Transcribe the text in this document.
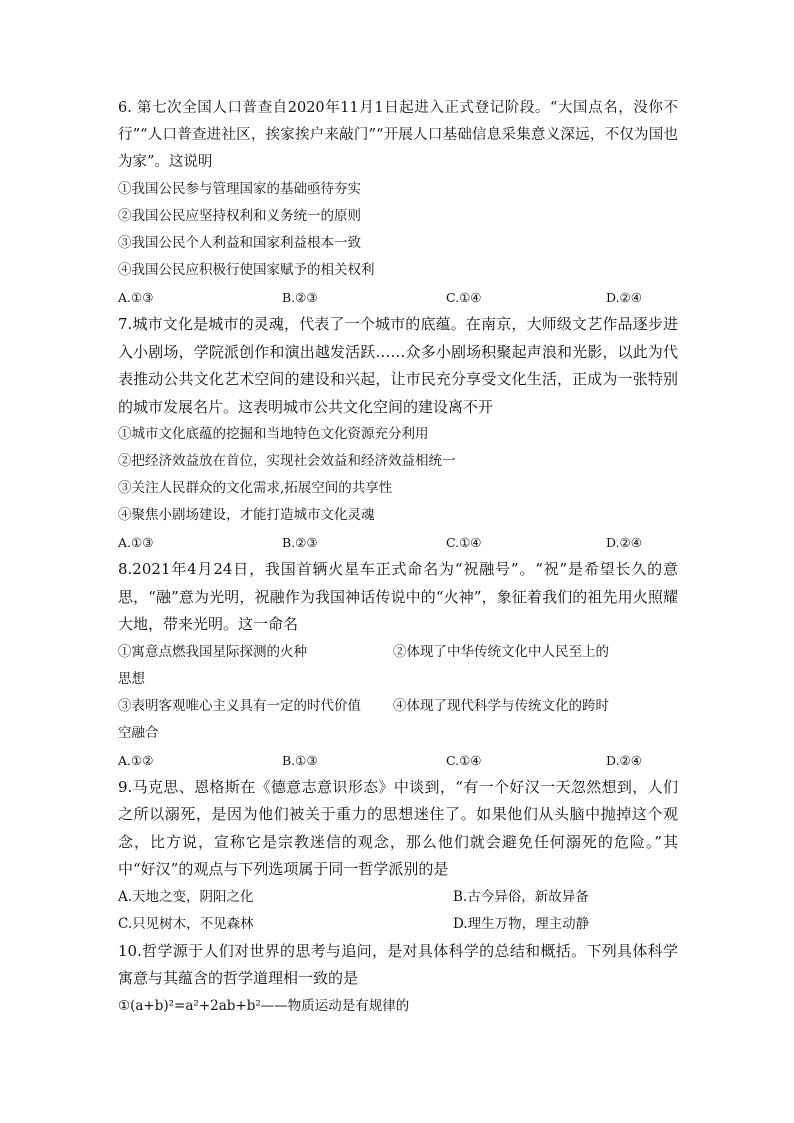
6. 第七次全国人口普查自2020年11月1日起进入正式登记阶段。“大国点名，没你不行”“人口普查进社区，挨家挨户来敲门”“开展人口基础信息采集意义深远，不仅为国也为家”。这说明

①我国公民参与管理国家的基础亟待夯实

②我国公民应坚持权利和义务统一的原则

③我国公民个人利益和国家利益根本一致

④我国公民应积极行使国家赋予的相关权利

A.①③	B.②③	C.①④	D.②④

7.城市文化是城市的灵魂，代表了一个城市的底蕴。在南京，大师级文艺作品逐步进入小剧场，学院派创作和演出越发活跃……众多小剧场积聚起声浪和光影，以此为代表推动公共文化艺术空间的建设和兴起，让市民充分享受文化生活，正成为一张特别的城市发展名片。这表明城市公共文化空间的建设离不开

①城市文化底蕴的挖掘和当地特色文化资源充分利用

②把经济效益放在首位，实现社会效益和经济效益相统一

③关注人民群众的文化需求,拓展空间的共享性

④聚焦小剧场建设，才能打造城市文化灵魂

A.①③	B.②③	C.①④	D.②④

8.2021年4月24日，我国首辆火星车正式命名为“祝融号”。“祝”是希望长久的意思，“融”意为光明，祝融作为我国神话传说中的“火神”，象征着我们的祖先用火照耀大地，带来光明。这一命名

①寓意点燃我国星际探测的火种	②体现了中华传统文化中人民至上的

思想

③表明客观唯心主义具有一定的时代价值	④体现了现代科学与传统文化的跨时

空融合

A.①②	B.①③	C.①④	D.②④

9.马克思、恩格斯在《德意志意识形态》中谈到，“有一个好汉一天忽然想到，人们之所以溺死，是因为他们被关于重力的思想迷住了。如果他们从头脑中抛掉这个观念，比方说，宣称它是宗教迷信的观念，那么他们就会避免任何溺死的危险。”其中“好汉”的观点与下列选项属于同一哲学派别的是

A.天地之变，阴阳之化	B.古今异俗，新故异备
C.只见树木，不见森林	D.理生万物，理主动静

10.哲学源于人们对世界的思考与追问，是对具体科学的总结和概括。下列具体科学寓意与其蕴含的哲学道理相一致的是

①(a+b)²=a²+2ab+b²——物质运动是有规律的
